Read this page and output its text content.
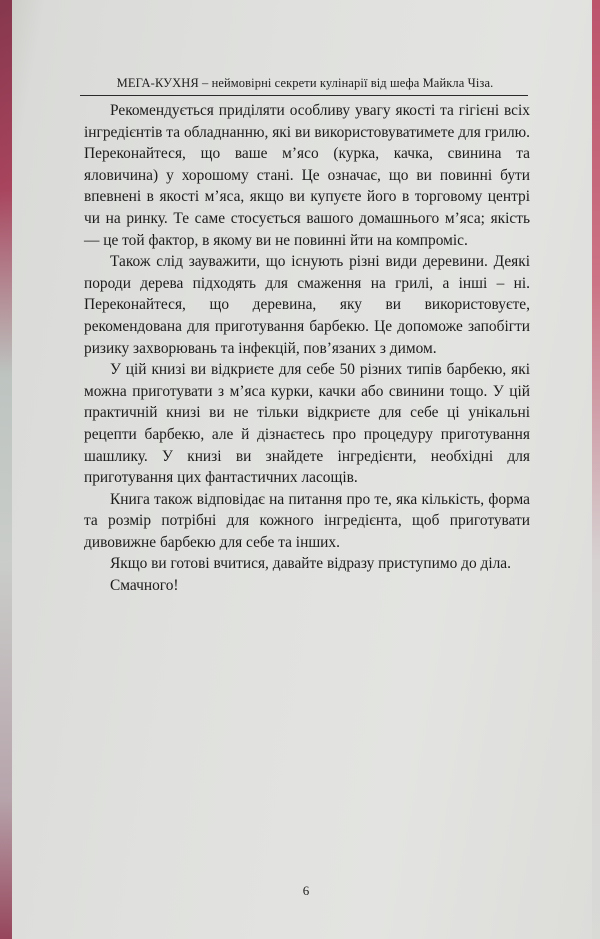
МЕГА-КУХНЯ – неймовірні секрети кулінарії від шефа Майкла Чіза.

Рекомендується приділяти особливу увагу якості та гігієні всіх інгредієнтів та обладнанню, які ви використовуватимете для грилю. Переконайтеся, що ваше м’ясо (курка, качка, свинина та яловичина) у хорошому стані. Це означає, що ви повинні бути впевнені в якості м’яса, якщо ви купуєте його в торговому центрі чи на ринку. Те саме стосується вашого домашнього м’яса; якість — це той фактор, в якому ви не повинні йти на компроміс.

Також слід зауважити, що існують різні види деревини. Деякі породи дерева підходять для смаження на грилі, а інші – ні. Переконайтеся, що деревина, яку ви використовуєте, рекомендована для приготування барбекю. Це допоможе запобігти ризику захворювань та інфекцій, пов’язаних з димом.

У цій книзі ви відкриєте для себе 50 різних типів барбекю, які можна приготувати з м’яса курки, качки або свинини тощо. У цій практичній книзі ви не тільки відкриєте для себе ці унікальні рецепти барбекю, але й дізнаєтесь про процедуру приготування шашлику. У книзі ви знайдете інгредієнти, необхідні для приготування цих фантастичних ласощів.

Книга також відповідає на питання про те, яка кількість, форма та розмір потрібні для кожного інгредієнта, щоб приготувати дивовижне барбекю для себе та інших.

Якщо ви готові вчитися, давайте відразу приступимо до діла.

Смачного!

6
